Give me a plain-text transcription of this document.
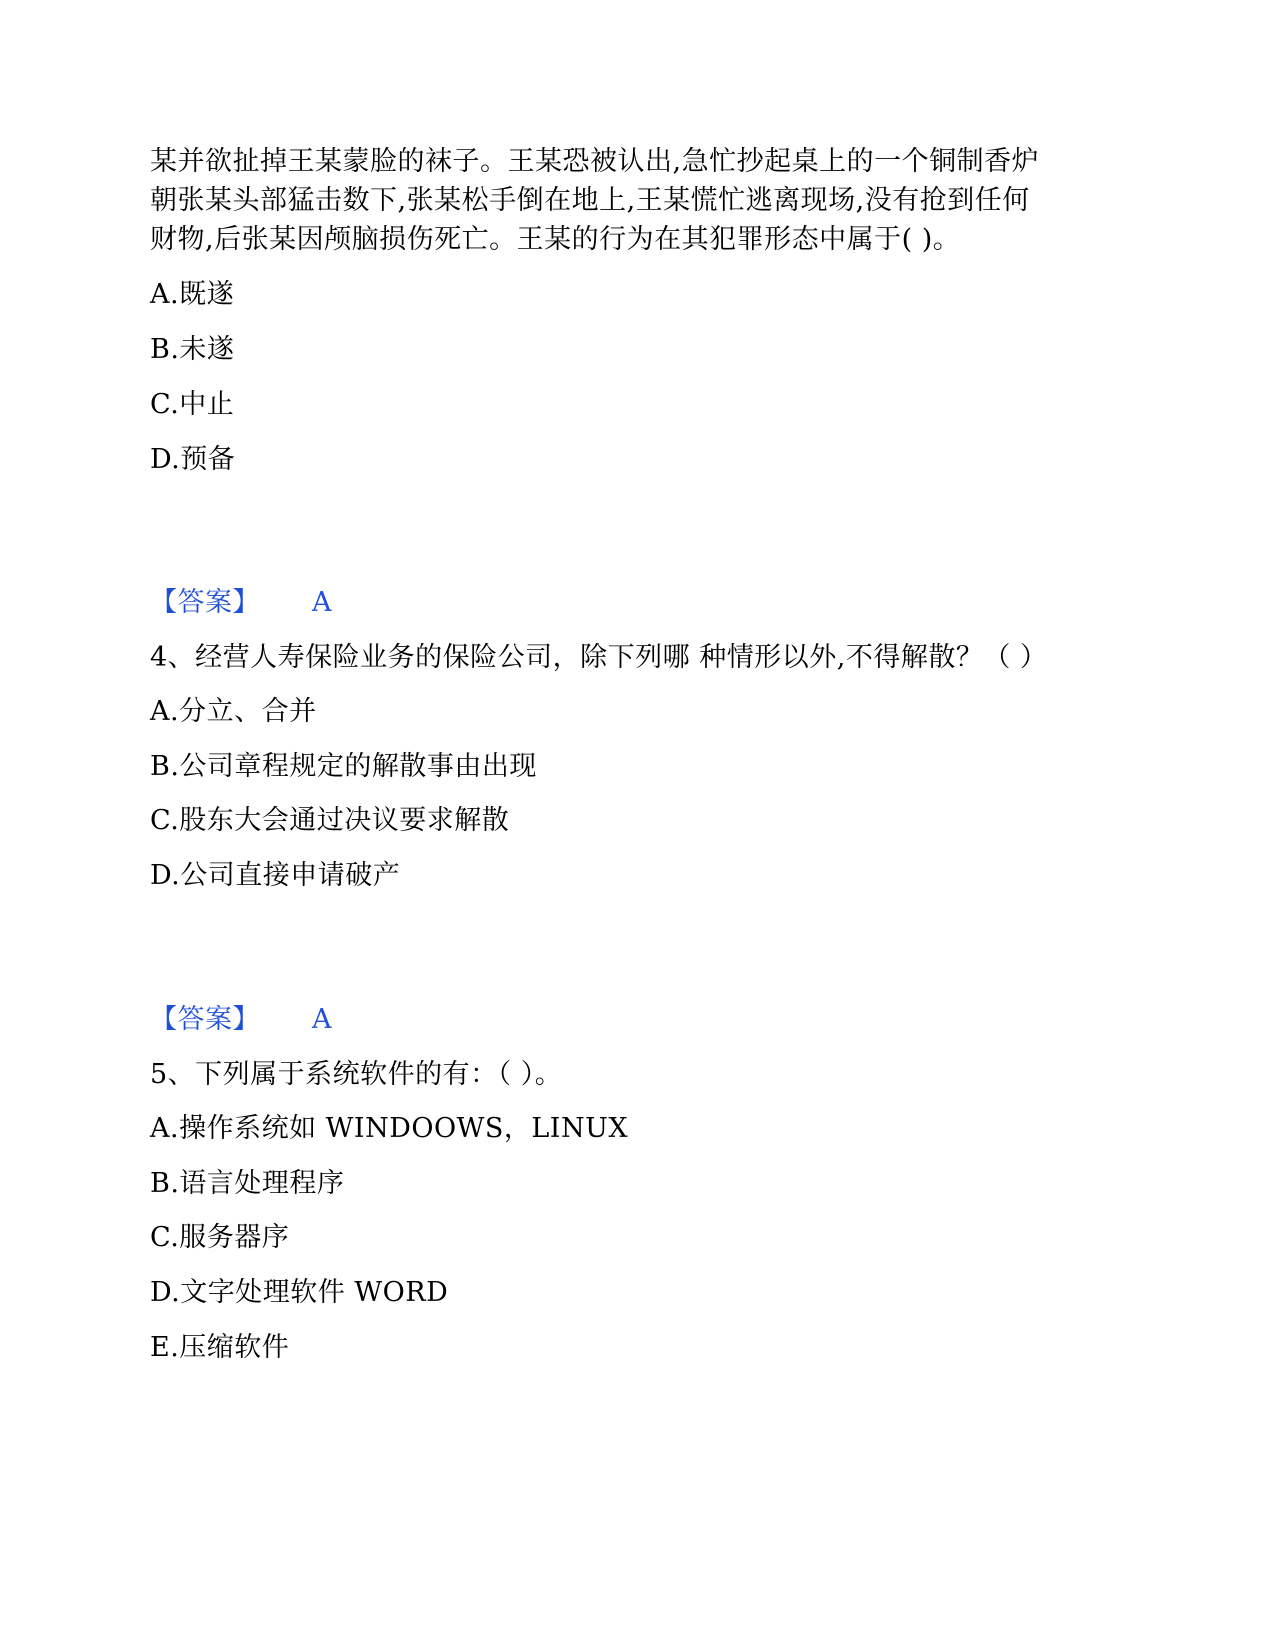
某并欲扯掉王某蒙脸的袜子。王某恐被认出,急忙抄起桌上的一个铜制香炉
朝张某头部猛击数下,张某松手倒在地上,王某慌忙逃离现场,没有抢到任何
财物,后张某因颅脑损伤死亡。王某的行为在其犯罪形态中属于( )。
A.既遂
B.未遂
C.中止
D.预备
【答案】 A
4、经营人寿保险业务的保险公司，除下列哪 种情形以外,不得解散？（ ）
A.分立、合并
B.公司章程规定的解散事由出现
C.股东大会通过决议要求解散
D.公司直接申请破产
【答案】 A
5、下列属于系统软件的有：（ ）。
A.操作系统如 WINDOOWS，LINUX
B.语言处理程序
C.服务器序
D.文字处理软件 WORD
E.压缩软件
